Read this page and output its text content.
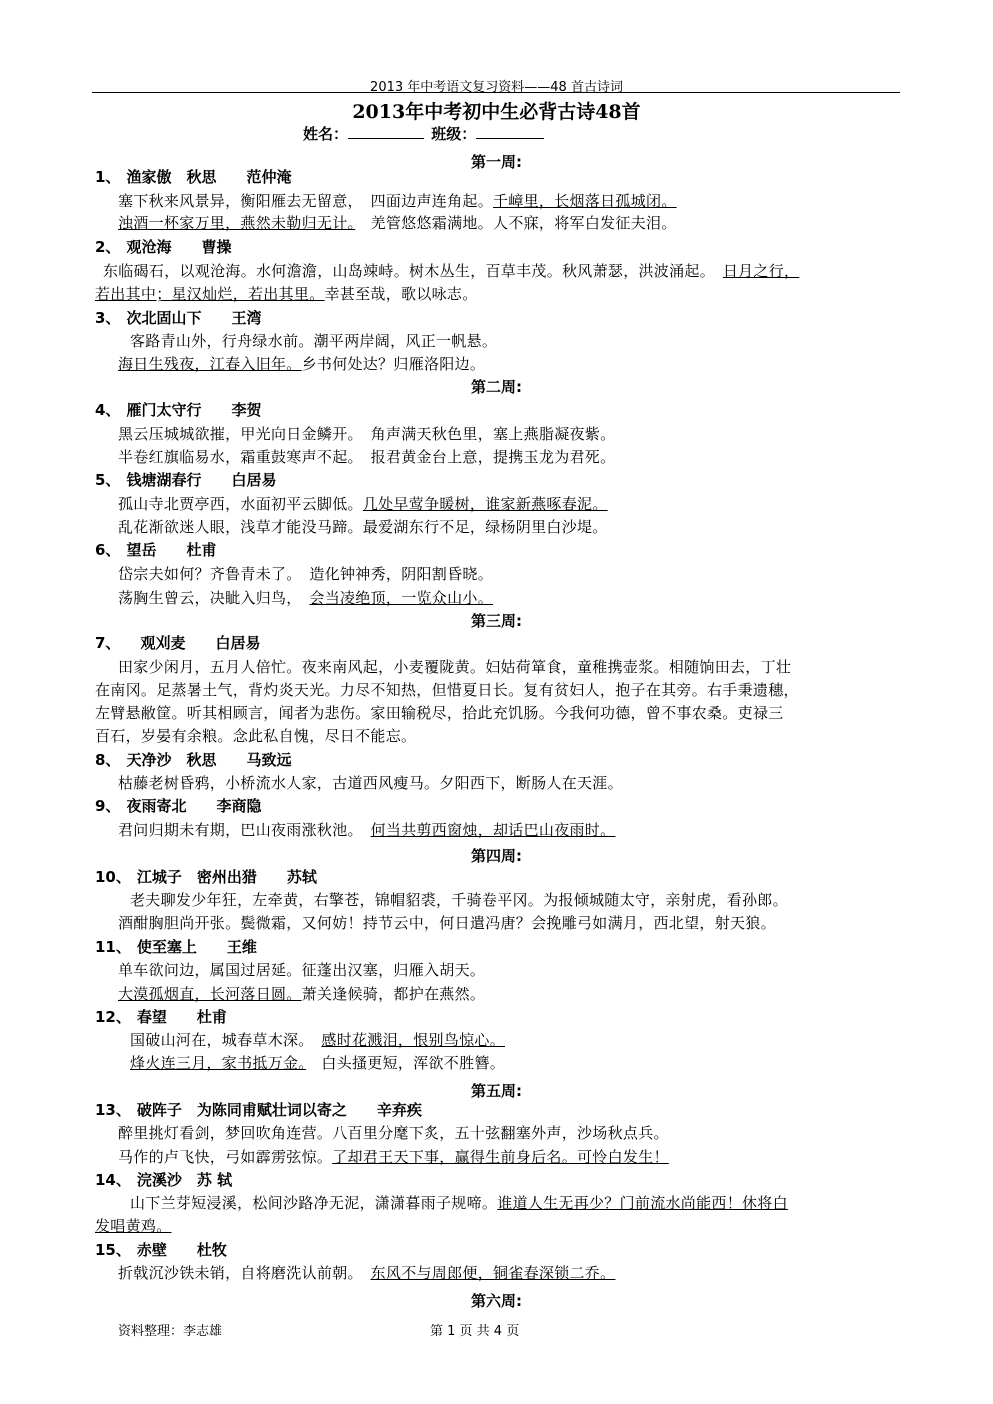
2013 年中考语文复习资料——48 首古诗词
2013年中考初中生必背古诗48首
姓名：	班级：
第一周:
第二周:
第三周:
第四周:
第五周:
第六周:
1、 渔家傲　秋思 范仲淹
塞下秋来风景异，衡阳雁去无留意，　四面边声连角起。千嶂里，长烟落日孤城闭。
浊酒一杯家万里，燕然未勒归无计。　羌管悠悠霜满地。人不寐，将军白发征夫泪。
2、 观沧海 曹操
东临碣石，以观沧海。水何澹澹，山岛竦峙。树木丛生，百草丰茂。秋风萧瑟，洪波涌起。　日月之行，
若出其中；星汉灿烂，若出其里。幸甚至哉，歌以咏志。
3、 次北固山下 王湾
客路青山外，行舟绿水前。潮平两岸阔，风正一帆悬。
海日生残夜，江春入旧年。乡书何处达？归雁洛阳边。
4、 雁门太守行 李贺
黑云压城城欲摧，甲光向日金鳞开。　角声满天秋色里，塞上燕脂凝夜紫。
半卷红旗临易水，霜重鼓寒声不起。　报君黄金台上意，提携玉龙为君死。
5、 钱塘湖春行 白居易
孤山寺北贾亭西，水面初平云脚低。几处早莺争暖树，谁家新燕啄春泥。
乱花渐欲迷人眼，浅草才能没马蹄。最爱湖东行不足，绿杨阴里白沙堤。
6、 望岳 杜甫
岱宗夫如何？齐鲁青未了。　造化钟神秀，阴阳割昏晓。
荡胸生曾云，决眦入归鸟，　会当凌绝顶，一览众山小。
7、 观刈麦 白居易
田家少闲月，五月人倍忙。夜来南风起，小麦覆陇黄。妇姑荷箪食，童稚携壶浆。相随饷田去，丁壮
在南冈。足蒸暑土气，背灼炎天光。力尽不知热，但惜夏日长。复有贫妇人，抱子在其旁。右手秉遗穗，
左臂悬敝筐。听其相顾言，闻者为悲伤。家田输税尽，拾此充饥肠。今我何功德，曾不事农桑。吏禄三
百石，岁晏有余粮。念此私自愧，尽日不能忘。
8、 天净沙　秋思 马致远
枯藤老树昏鸦，小桥流水人家，古道西风瘦马。夕阳西下，断肠人在天涯。
9、 夜雨寄北 李商隐
君问归期未有期，巴山夜雨涨秋池。　何当共剪西窗烛，却话巴山夜雨时。
10、 江城子　密州出猎 苏轼
老夫聊发少年狂，左牵黄，右擎苍，锦帽貂裘，千骑卷平冈。为报倾城随太守，亲射虎，看孙郎。
酒酣胸胆尚开张。鬓微霜，又何妨！持节云中，何日遣冯唐？会挽雕弓如满月，西北望，射天狼。
11、 使至塞上 王维
单车欲问边，属国过居延。征蓬出汉塞，归雁入胡天。
大漠孤烟直，长河落日圆。萧关逢候骑，都护在燕然。
12、 春望 杜甫
国破山河在，城春草木深。　感时花溅泪，恨别鸟惊心。
烽火连三月，家书抵万金。　白头搔更短，浑欲不胜簪。
13、 破阵子　为陈同甫赋壮词以寄之 辛弃疾
醉里挑灯看剑，梦回吹角连营。八百里分麾下炙，五十弦翻塞外声，沙场秋点兵。
马作的卢飞快，弓如霹雳弦惊。了却君王天下事，赢得生前身后名。可怜白发生！
14、 浣溪沙　苏 轼
山下兰芽短浸溪，松间沙路净无泥，潇潇暮雨子规啼。谁道人生无再少？门前流水尚能西！休将白
发唱黄鸡。
15、 赤壁 杜牧
折戟沉沙铁未销，自将磨洗认前朝。　东风不与周郎便，铜雀春深锁二乔。
资料整理：李志雄	第 1 页 共 4 页
